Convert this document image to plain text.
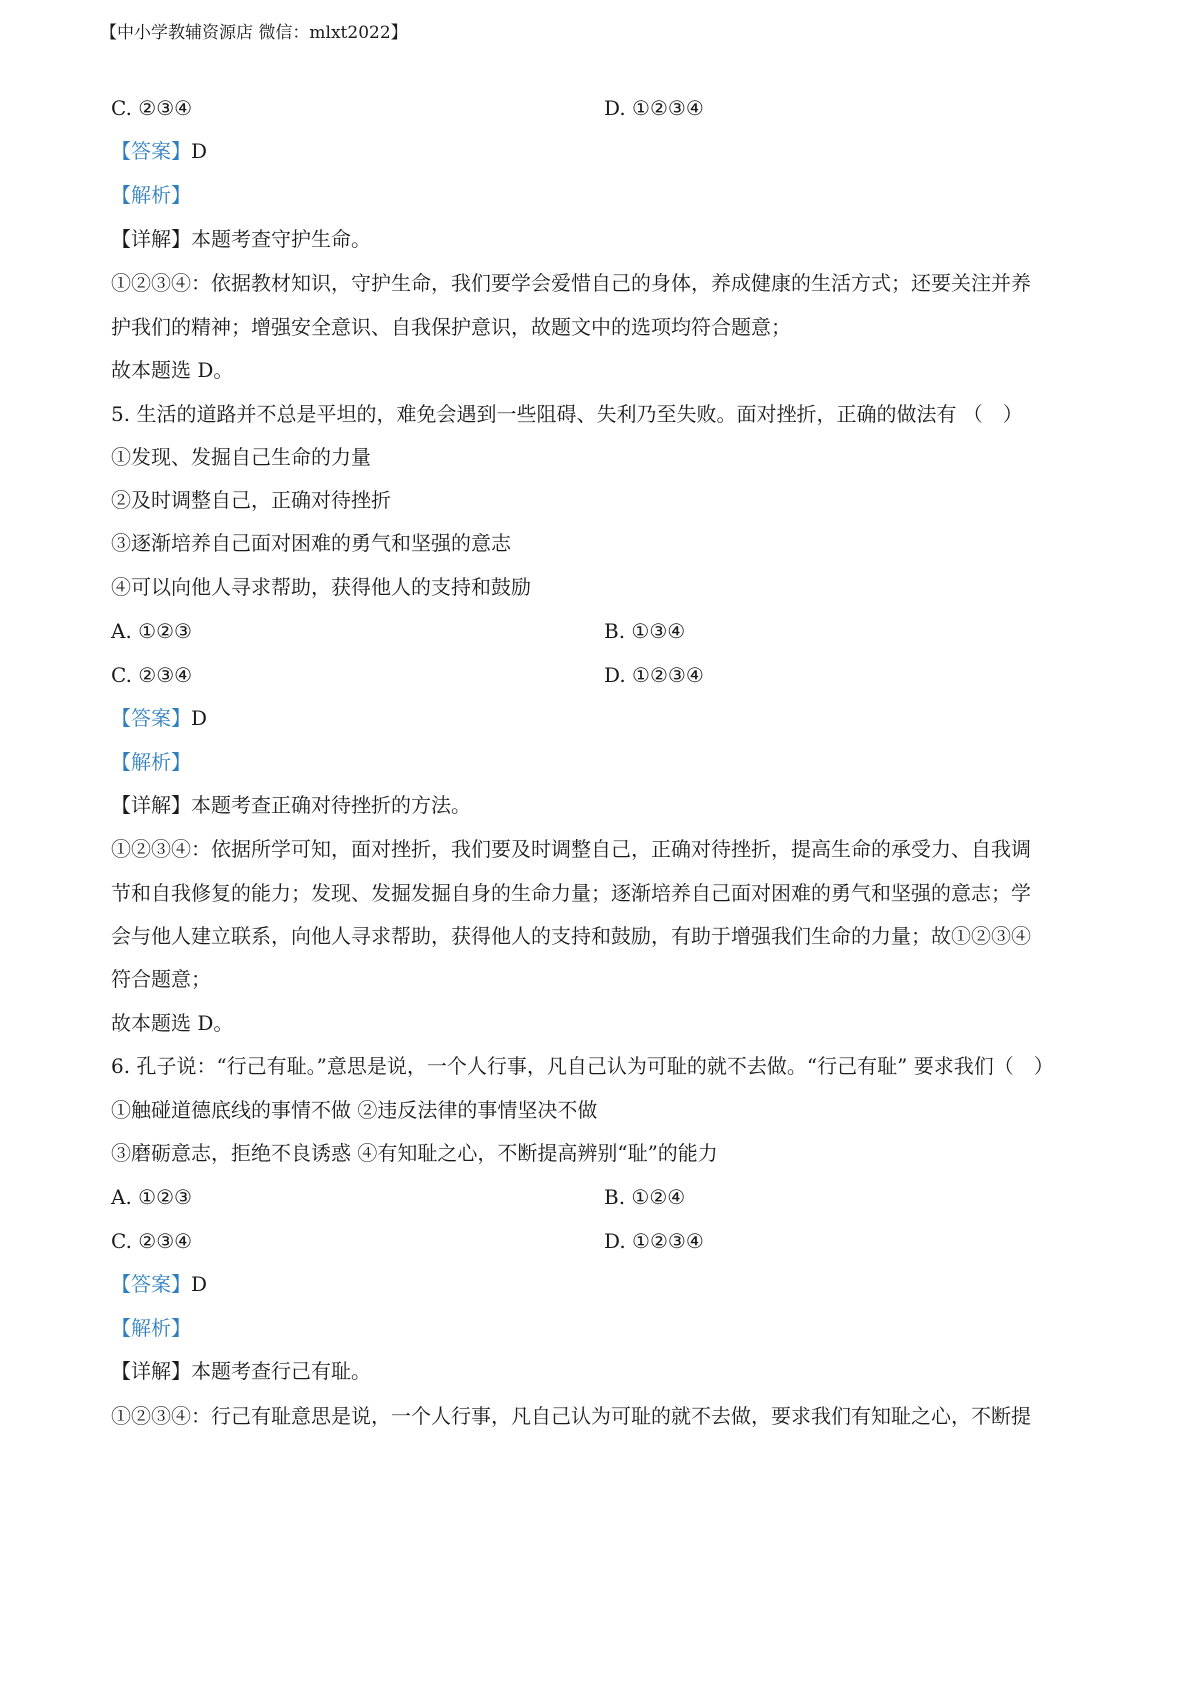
【中小学教辅资源店 微信：mlxt2022】
C. ②③④	D. ①②③④
【答案】D
【解析】
【详解】本题考查守护生命。
①②③④：依据教材知识，守护生命，我们要学会爱惜自己的身体，养成健康的生活方式；还要关注并养
护我们的精神；增强安全意识、自我保护意识，故题文中的选项均符合题意；
故本题选 D。
5. 生活的道路并不总是平坦的，难免会遇到一些阻碍、失利乃至失败。面对挫折，正确的做法有 （　）
①发现、发掘自己生命的力量
②及时调整自己，正确对待挫折
③逐渐培养自己面对困难的勇气和坚强的意志
④可以向他人寻求帮助，获得他人的支持和鼓励
A. ①②③	B. ①③④
C. ②③④	D. ①②③④
【答案】D
【解析】
【详解】本题考查正确对待挫折的方法。
①②③④：依据所学可知，面对挫折，我们要及时调整自己，正确对待挫折，提高生命的承受力、自我调
节和自我修复的能力；发现、发掘发掘自身的生命力量；逐渐培养自己面对困难的勇气和坚强的意志；学
会与他人建立联系，向他人寻求帮助，获得他人的支持和鼓励，有助于增强我们生命的力量；故①②③④
符合题意；
故本题选 D。
6. 孔子说：“行己有耻。”意思是说，一个人行事，凡自己认为可耻的就不去做。“行己有耻” 要求我们（　）
①触碰道德底线的事情不做 ②违反法律的事情坚决不做
③磨砺意志，拒绝不良诱惑 ④有知耻之心，不断提高辨别“耻”的能力
A. ①②③	B. ①②④
C. ②③④	D. ①②③④
【答案】D
【解析】
【详解】本题考查行己有耻。
①②③④：行己有耻意思是说，一个人行事，凡自己认为可耻的就不去做，要求我们有知耻之心，不断提
